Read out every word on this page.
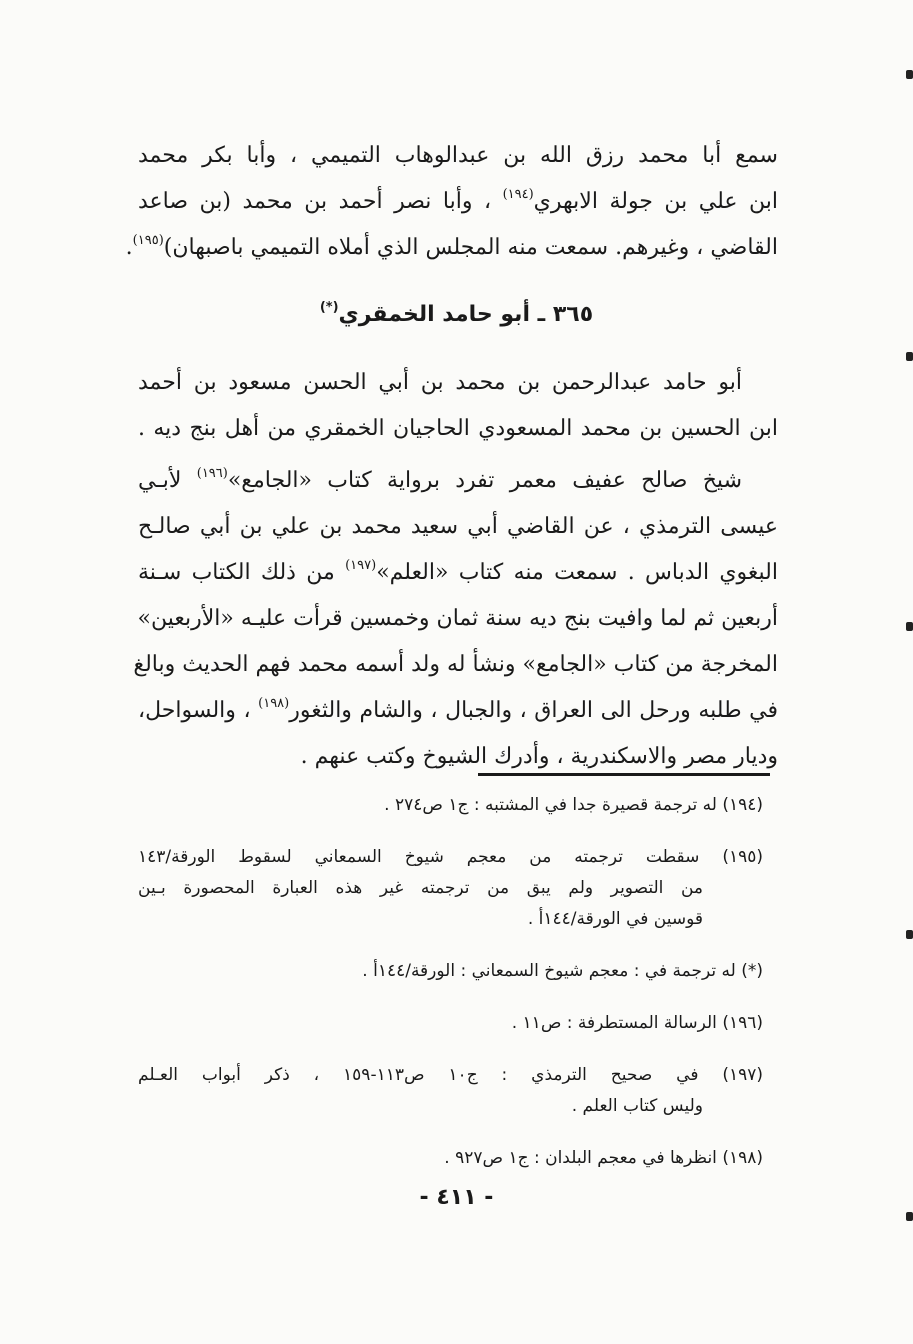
سمع أبا محمد رزق الله بن عبدالوهاب التميمي ، وأبا بكر محمد
ابن علي بن جولة الابهري$^{(١٩٤)}$ ، وأبا نصر أحمد بن محمد (بن صاعد
القاضي ، وغيرهم. سمعت منه المجلس الذي أملاه التميمي باصبهان)$^{(١٩٥)}$.
٣٦٥ ـ أبو حامد الخمقري(*)
أبو حامد عبدالرحمن بن محمد بن أبي الحسن مسعود بن أحمد
ابن الحسين بن محمد المسعودي الحاجيان الخمقري من أهل بنج ديه .
شيخ صالح عفيف معمر تفرد برواية كتاب «الجامع»$^{(١٩٦)}$ لأبـي
عيسى الترمذي ، عن القاضي أبي سعيد محمد بن علي بن أبي صالـح
البغوي الدباس . سمعت منه كتاب «العلم»$^{(١٩٧)}$ من ذلك الكتاب سـنة
أربعين ثم لما وافيت بنج ديه سنة ثمان وخمسين قرأت عليـه «الأربعين»
المخرجة من كتاب «الجامع» ونشأ له ولد أسمه محمد فهم الحديث وبالغ
في طلبه ورحل الى العراق ، والجبال ، والشام والثغور$^{(١٩٨)}$ ، والسواحل،
وديار مصر والاسكندرية ، وأدرك الشيوخ وكتب عنهم .
(١٩٤) له ترجمة قصيرة جدا في المشتبه : ج١ ص٢٧٤ .
(١٩٥) سقطت ترجمته من معجم شيوخ السمعاني لسقوط الورقة/١٤٣
من التصوير ولم يبق من ترجمته غير هذه العبارة المحصورة بـين
قوسين في الورقة/١٤٤أ .
(*) له ترجمة في : معجم شيوخ السمعاني : الورقة/١٤٤أ .
(١٩٦) الرسالة المستطرفة : ص١١ .
(١٩٧) في صحيح الترمذي : ج١٠ ص١١٣-١٥٩ ، ذكر أبواب العـلم
وليس كتاب العلم .
(١٩٨) انظرها في معجم البلدان : ج١ ص٩٢٧ .
- ٤١١ -
